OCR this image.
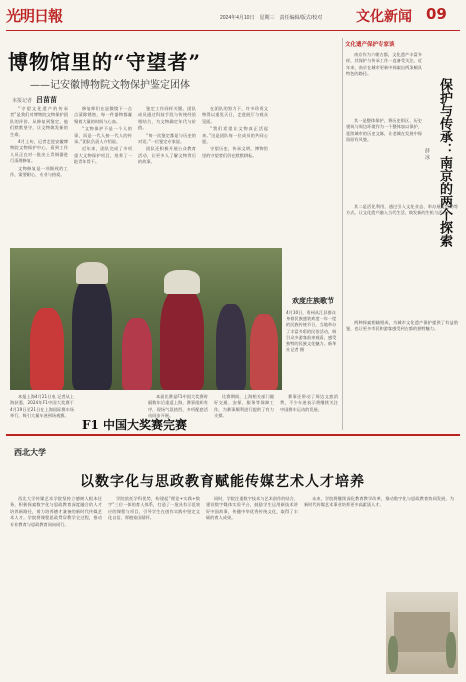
光明日報	2024年4月10日　星期三　责任编辑/版式/校对 文化新闻 09
博物馆里的“守望者”
——记安徽博物院文物保护鉴定团体
本报记者 吕苗苗

“守望文化遗产的传承者”是我们对博物院文物保护团队的评价。从修复到鉴定，他们默默坚守，让文物焕发新的生命。

4月上旬，记者走进安徽博物院文物保护中心，看到工作人员正在对一批出土青铜器进行清理修复。

文物修复是一项细致的工作，需要耐心、专业与热爱。

修复师们在显微镜下一点点清除锈蚀，每一件器物都凝聚着大量的时间与心血。

“文物保护不是一个人的事，而是一代人接一代人的传承。”团队负责人介绍说。

近年来，团队完成了多项重大文物保护项目，培养了一批青年骨干。

鉴定工作同样关键。团队成员通过科技手段与传统经验相结合，为文物确定年代与价值。

“每一次鉴定都是与历史的对话。”一位鉴定专家说。

团队还积极开展公众教育活动，让更多人了解文物背后的故事。

在团队的努力下，许多珍贵文物得以重见天日，走进展厅与观众见面。

“我们希望让文物真正活起来。”这是团队每一位成员的共同心愿。

守望历史，传承文明，博物馆里的守望者们仍在默默耕耘。

欢度庄族歌节
4月10日，贵州从江县群众身着民族盛装欢度一年一度的民族传统节日，当地举办了丰富多彩的民俗活动，吸引众多游客前来观看，感受独特的民族文化魅力。新华社记者 摄
F1 中国大奖赛完赛

本报上海4月21日电 记者从上海获悉，2024年F1中国大奖赛于4月19日至21日在上海国际赛车场举行，吸引大量车迷到场观赛。

本届比赛是F1中国大奖赛时隔数年后重返上海，赛事组织有序，现场气氛热烈，多项配套活动同步开展。

比赛期间，上海相关部门做好交通、安保、服务等保障工作，为赛事顺利进行提供了有力支撑。

赛事还带动了周边文旅消费，不少车迷表示将继续关注中国赛车运动的发展。

文化遗产保护专家谈
保护与传承：南京的两个探索
薛 冰

南京作为六朝古都，文化遗产丰富多样，其保护与传承工作一直备受关注。近年来，南京在城市更新中探索出两条颇具特色的路径。

其一是整体保护，将历史街区、历史建筑与周边环境作为一个整体加以保护，延续城市的历史文脉，让老城在发展中保留原有风貌。

其二是活化利用，通过引入文化业态、举办展览活动等方式，让文化遗产融入当代生活，焕发新的生机与活力。

两种探索相辅相成，为城市文化遗产保护提供了有益借鉴，也让更多市民和游客感受到古都的独特魅力。

西北大学
以数字化与思政教育赋能传媒艺术人才培养

西北大学传媒艺术学院坚持立德树人根本任务，积极探索数字化与思政教育深度融合的人才培养新路径，着力培养德才兼备的新时代传媒艺术人才。学院将课程思政贯穿教学全过程，推动专业教育与思政教育同向同行。

学院依托学科优势，构建起“理论+实践+数字”三位一体的育人体系，打造了一批具有示范效应的课程与项目，引导学生在创作实践中坚定文化自信、厚植家国情怀。

同时，学院注重数字技术与艺术创作的结合，建设数字媒体实验平台，鼓励学生运用新技术讲好中国故事，传播中华优秀传统文化，取得了丰硕的育人成果。

未来，学院将继续深化教育教学改革，推动数字化与思政教育协同发展，为新时代传媒艺术事业培养更多高素质人才。
